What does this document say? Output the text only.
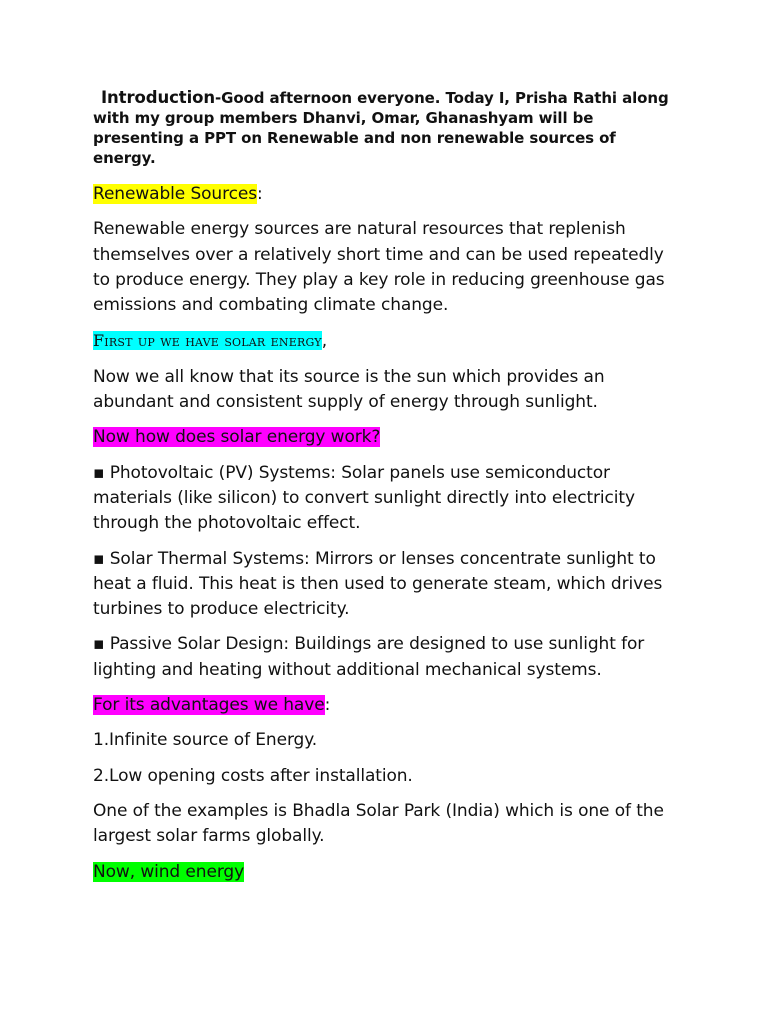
Introduction-Good afternoon everyone. Today I, Prisha Rathi along with my group members Dhanvi, Omar, Ghanashyam will be presenting a PPT on Renewable and non renewable sources of energy.

Renewable Sources:

Renewable energy sources are natural resources that replenish themselves over a relatively short time and can be used repeatedly to produce energy. They play a key role in reducing greenhouse gas emissions and combating climate change.

First up we have solar energy,

Now we all know that its source is the sun which provides an abundant and consistent supply of energy through sunlight.

Now how does solar energy work?

▪ Photovoltaic (PV) Systems: Solar panels use semiconductor materials (like silicon) to convert sunlight directly into electricity through the photovoltaic effect.

▪ Solar Thermal Systems: Mirrors or lenses concentrate sunlight to heat a fluid. This heat is then used to generate steam, which drives turbines to produce electricity.

▪ Passive Solar Design: Buildings are designed to use sunlight for lighting and heating without additional mechanical systems.

For its advantages we have:

1.Infinite source of Energy.

2.Low opening costs after installation.

One of the examples is Bhadla Solar Park (India) which is one of the largest solar farms globally.

Now, wind energy
